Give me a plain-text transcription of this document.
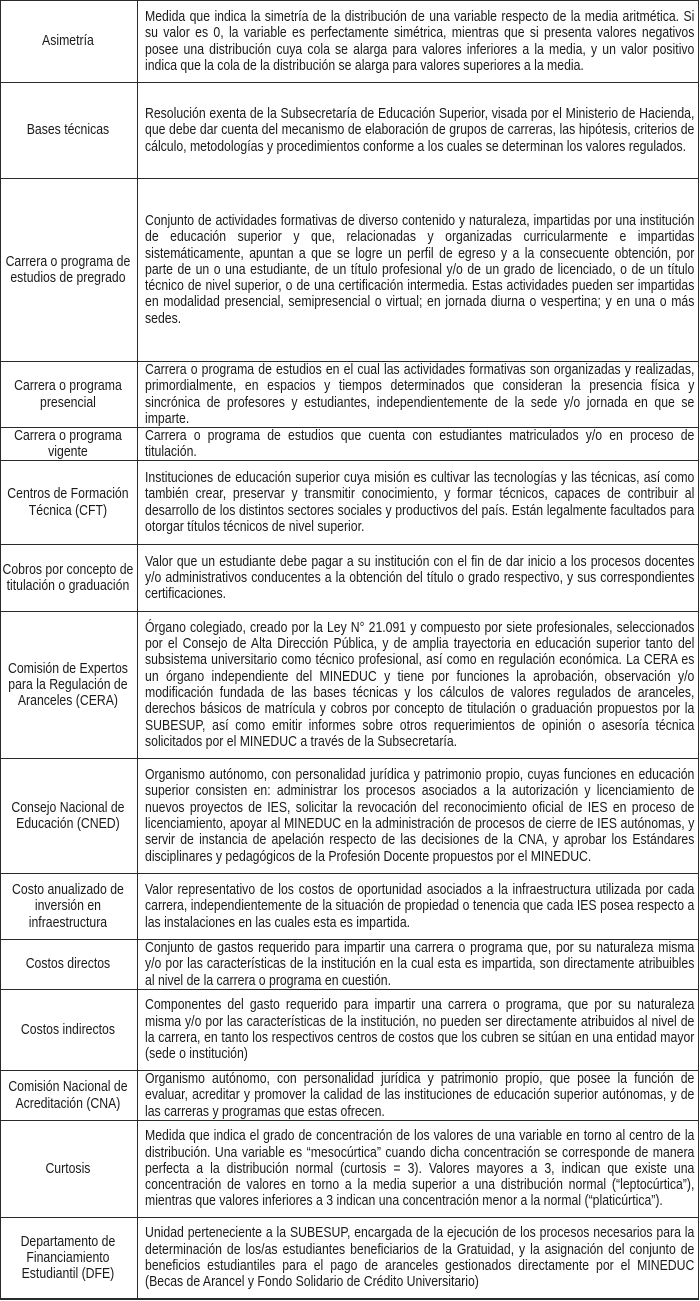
Asimetría
Medida que indica la simetría de la distribución de una variable respecto de la media aritmética. Si su valor es 0, la variable es perfectamente simétrica, mientras que si presenta valores negativos posee una distribución cuya cola se alarga para valores inferiores a la media, y un valor positivo indica que la cola de la distribución se alarga para valores superiores a la media.
Bases técnicas
Resolución exenta de la Subsecretaría de Educación Superior, visada por el Ministerio de Hacienda, que debe dar cuenta del mecanismo de elaboración de grupos de carreras, las hipótesis, criterios de cálculo, metodologías y procedimientos conforme a los cuales se determinan los valores regulados.
Carrera o programa de estudios de pregrado
Conjunto de actividades formativas de diverso contenido y naturaleza, impartidas por una institución de educación superior y que, relacionadas y organizadas curricularmente e impartidas sistemáticamente, apuntan a que se logre un perfil de egreso y a la consecuente obtención, por parte de un o una estudiante, de un título profesional y/o de un grado de licenciado, o de un título técnico de nivel superior, o de una certificación intermedia. Estas actividades pueden ser impartidas en modalidad presencial, semipresencial o virtual; en jornada diurna o vespertina; y en una o más sedes.
Carrera o programa presencial
Carrera o programa de estudios en el cual las actividades formativas son organizadas y realizadas, primordialmente, en espacios y tiempos determinados que consideran la presencia física y sincrónica de profesores y estudiantes, independientemente de la sede y/o jornada en que se imparte.
Carrera o programa vigente
Carrera o programa de estudios que cuenta con estudiantes matriculados y/o en proceso de titulación.
Centros de Formación Técnica (CFT)
Instituciones de educación superior cuya misión es cultivar las tecnologías y las técnicas, así como también crear, preservar y transmitir conocimiento, y formar técnicos, capaces de contribuir al desarrollo de los distintos sectores sociales y productivos del país. Están legalmente facultados para otorgar títulos técnicos de nivel superior.
Cobros por concepto de titulación o graduación
Valor que un estudiante debe pagar a su institución con el fin de dar inicio a los procesos docentes y/o administrativos conducentes a la obtención del título o grado respectivo, y sus correspondientes certificaciones.
Comisión de Expertos para la Regulación de Aranceles (CERA)
Órgano colegiado, creado por la Ley N° 21.091 y compuesto por siete profesionales, seleccionados por el Consejo de Alta Dirección Pública, y de amplia trayectoria en educación superior tanto del subsistema universitario como técnico profesional, así como en regulación económica. La CERA es un órgano independiente del MINEDUC y tiene por funciones la aprobación, observación y/o modificación fundada de las bases técnicas y los cálculos de valores regulados de aranceles, derechos básicos de matrícula y cobros por concepto de titulación o graduación propuestos por la SUBESUP, así como emitir informes sobre otros requerimientos de opinión o asesoría técnica solicitados por el MINEDUC a través de la Subsecretaría.
Consejo Nacional de Educación (CNED)
Organismo autónomo, con personalidad jurídica y patrimonio propio, cuyas funciones en educación superior consisten en: administrar los procesos asociados a la autorización y licenciamiento de nuevos proyectos de IES, solicitar la revocación del reconocimiento oficial de IES en proceso de licenciamiento, apoyar al MINEDUC en la administración de procesos de cierre de IES autónomas, y servir de instancia de apelación respecto de las decisiones de la CNA, y aprobar los Estándares disciplinares y pedagógicos de la Profesión Docente propuestos por el MINEDUC.
Costo anualizado de inversión en infraestructura
Valor representativo de los costos de oportunidad asociados a la infraestructura utilizada por cada carrera, independientemente de la situación de propiedad o tenencia que cada IES posea respecto a las instalaciones en las cuales esta es impartida.
Costos directos
Conjunto de gastos requerido para impartir una carrera o programa que, por su naturaleza misma y/o por las características de la institución en la cual esta es impartida, son directamente atribuibles al nivel de la carrera o programa en cuestión.
Costos indirectos
Componentes del gasto requerido para impartir una carrera o programa, que por su naturaleza misma y/o por las características de la institución, no pueden ser directamente atribuidos al nivel de la carrera, en tanto los respectivos centros de costos que los cubren se sitúan en una entidad mayor (sede o institución)
Comisión Nacional de Acreditación (CNA)
Organismo autónomo, con personalidad jurídica y patrimonio propio, que posee la función de evaluar, acreditar y promover la calidad de las instituciones de educación superior autónomas, y de las carreras y programas que estas ofrecen.
Curtosis
Medida que indica el grado de concentración de los valores de una variable en torno al centro de la distribución. Una variable es “mesocúrtica” cuando dicha concentración se corresponde de manera perfecta a la distribución normal (curtosis = 3). Valores mayores a 3, indican que existe una concentración de valores en torno a la media superior a una distribución normal (“leptocúrtica”), mientras que valores inferiores a 3 indican una concentración menor a la normal (“platicúrtica”).
Departamento de Financiamiento Estudiantil (DFE)
Unidad perteneciente a la SUBESUP, encargada de la ejecución de los procesos necesarios para la determinación de los/as estudiantes beneficiarios de la Gratuidad, y la asignación del conjunto de beneficios estudiantiles para el pago de aranceles gestionados directamente por el MINEDUC (Becas de Arancel y Fondo Solidario de Crédito Universitario)
